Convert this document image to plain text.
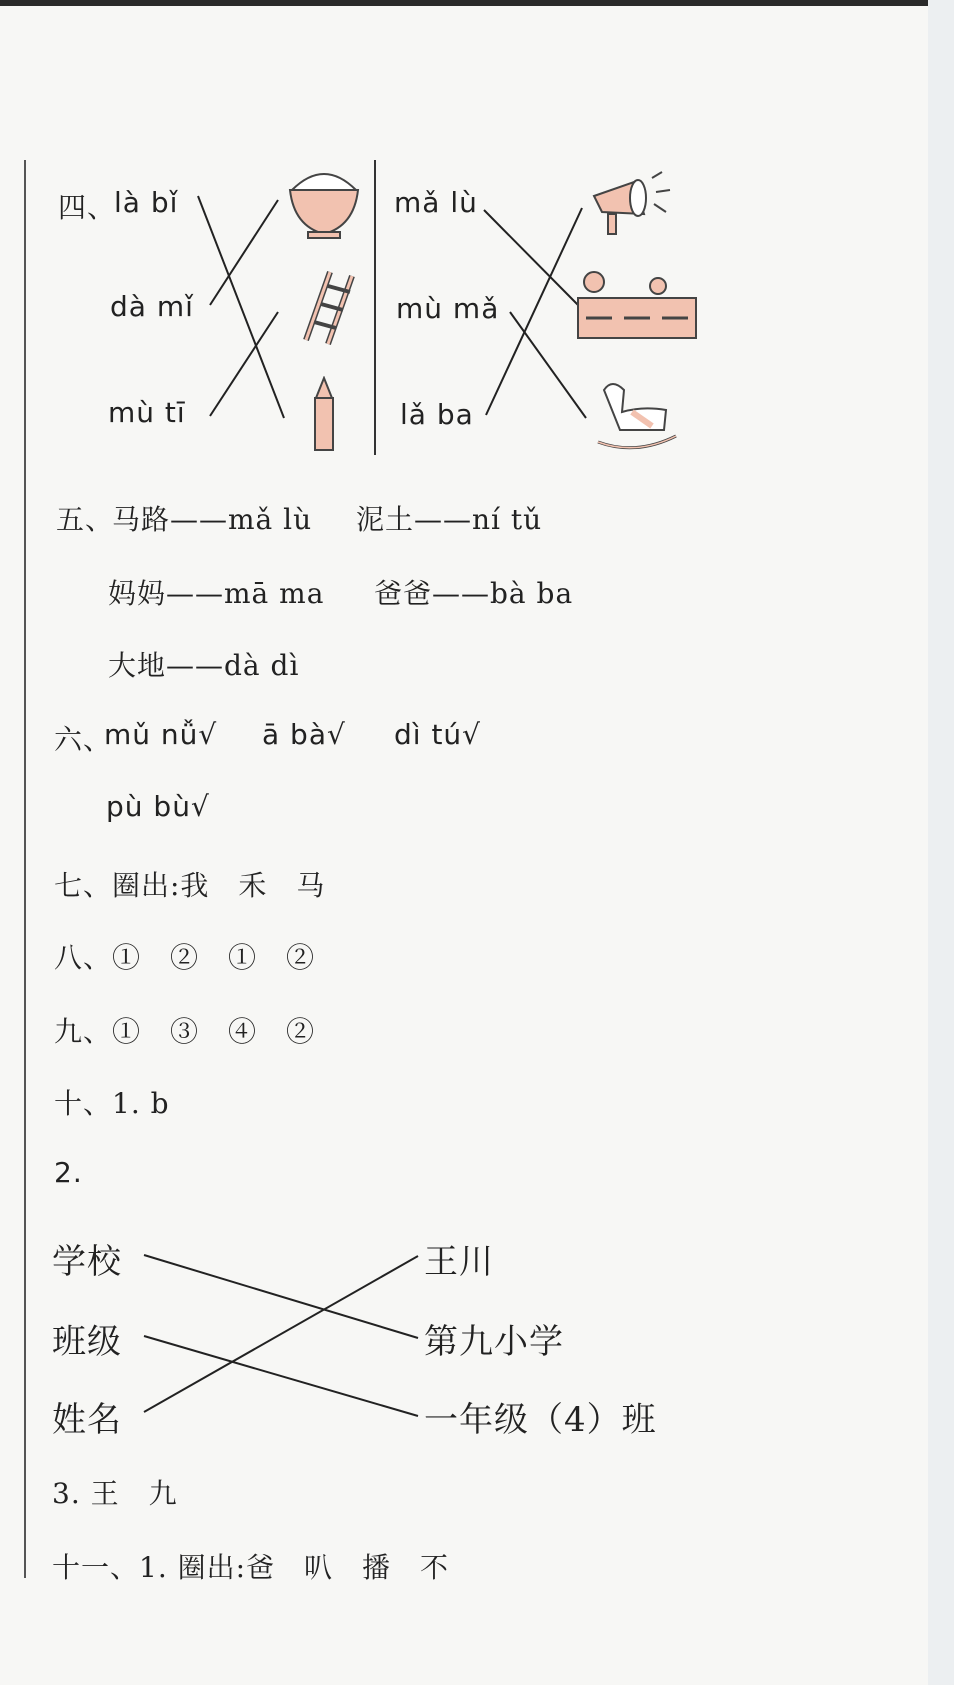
四、
là bǐ
dà mǐ
mù tī
mǎ lù
mù mǎ
lǎ ba
五、
马路——mǎ lù 泥土——ní tǔ
妈妈——mā ma 爸爸——bà ba
大地——dà dì
六、
mǔ nǚ√ ā bà√ dì tú√
pù bù√
七、圈出:我　禾　马
八、①　②　①　②
九、①　③　④　②
十、1. b
2.
学校
班级
姓名
王川
第九小学
一年级（4）班
3. 王　九
十一、1. 圈出:爸　叭　播　不
